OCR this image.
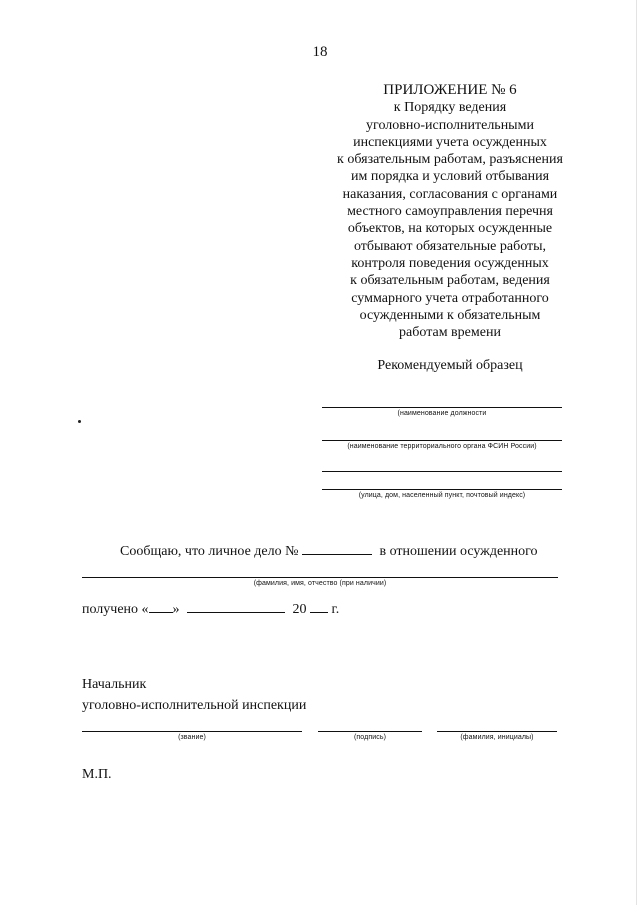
18
ПРИЛОЖЕНИЕ № 6
к Порядку ведения
уголовно-исполнительными
инспекциями учета осужденных
к обязательным работам, разъяснения
им порядка и условий отбывания
наказания, согласования с органами
местного самоуправления перечня
объектов, на которых осужденные
отбывают обязательные работы,
контроля поведения осужденных
к обязательным работам, ведения
суммарного учета отработанного
осужденными к обязательным
работам времени
Рекомендуемый образец
(наименование должности
(наименование территориального органа ФСИН России)
(улица, дом, населенный пункт, почтовый индекс)
Сообщаю, что личное дело №	в отношении осужденного
(фамилия, имя, отчество (при наличии)
получено « »	20 г.
Начальник
уголовно-исполнительной инспекции
(звание)	(подпись)	(фамилия, инициалы)
М.П.
